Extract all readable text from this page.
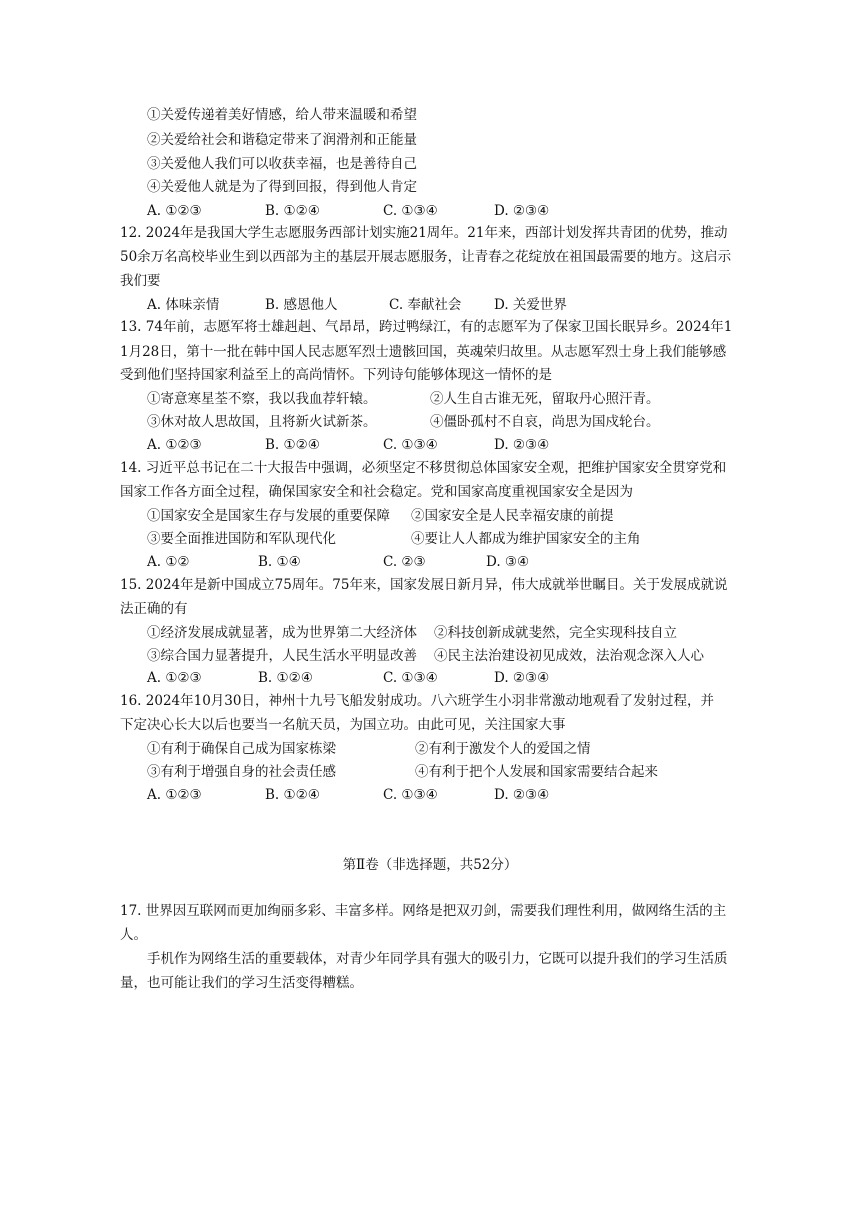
①关爱传递着美好情感，给人带来温暖和希望
②关爱给社会和谐稳定带来了润滑剂和正能量
③关爱他人我们可以收获幸福，也是善待自己
④关爱他人就是为了得到回报，得到他人肯定
A. ①②③	B. ①②④	C. ①③④	D. ②③④
12. 2024年是我国大学生志愿服务西部计划实施21周年。21年来，西部计划发挥共青团的优势，推动
50余万名高校毕业生到以西部为主的基层开展志愿服务，让青春之花绽放在祖国最需要的地方。这启示
我们要
A. 体味亲情	B. 感恩他人	C. 奉献社会 D. 关爱世界
13. 74年前，志愿军将士雄赳赳、气昂昂，跨过鸭绿江，有的志愿军为了保家卫国长眠异乡。2024年1
1月28日，第十一批在韩中国人民志愿军烈士遗骸回国，英魂荣归故里。从志愿军烈士身上我们能够感
受到他们坚持国家利益至上的高尚情怀。下列诗句能够体现这一情怀的是
①寄意寒星荃不察，我以我血荐轩辕。	②人生自古谁无死，留取丹心照汗青。
③休对故人思故国，且将新火试新茶。	④僵卧孤村不自哀，尚思为国戍轮台。
A. ①②③	B. ①②④	C. ①③④	D. ②③④
14. 习近平总书记在二十大报告中强调，必须坚定不移贯彻总体国家安全观，把维护国家安全贯穿党和
国家工作各方面全过程，确保国家安全和社会稳定。党和国家高度重视国家安全是因为
①国家安全是国家生存与发展的重要保障 ②国家安全是人民幸福安康的前提
③要全面推进国防和军队现代化	④要让人人都成为维护国家安全的主角
A. ①②	B. ①④	C. ②③	D. ③④
15. 2024年是新中国成立75周年。75年来，国家发展日新月异，伟大成就举世瞩目。关于发展成就说
法正确的有
①经济发展成就显著，成为世界第二大经济体 ②科技创新成就斐然，完全实现科技自立
③综合国力显著提升，人民生活水平明显改善 ④民主法治建设初见成效，法治观念深入人心
A. ①②③	B. ①②④	C. ①③④	D. ②③④
16. 2024年10月30日，神州十九号飞船发射成功。八六班学生小羽非常激动地观看了发射过程，并
下定决心长大以后也要当一名航天员，为国立功。由此可见，关注国家大事
①有利于确保自己成为国家栋梁	②有利于激发个人的爱国之情
③有利于增强自身的社会责任感	④有利于把个人发展和国家需要结合起来
A. ①②③	B. ①②④	C. ①③④	D. ②③④
第Ⅱ卷（非选择题，共52分）
17. 世界因互联网而更加绚丽多彩、丰富多样。网络是把双刃剑，需要我们理性利用，做网络生活的主
人。
手机作为网络生活的重要载体，对青少年同学具有强大的吸引力，它既可以提升我们的学习生活质
量，也可能让我们的学习生活变得糟糕。
